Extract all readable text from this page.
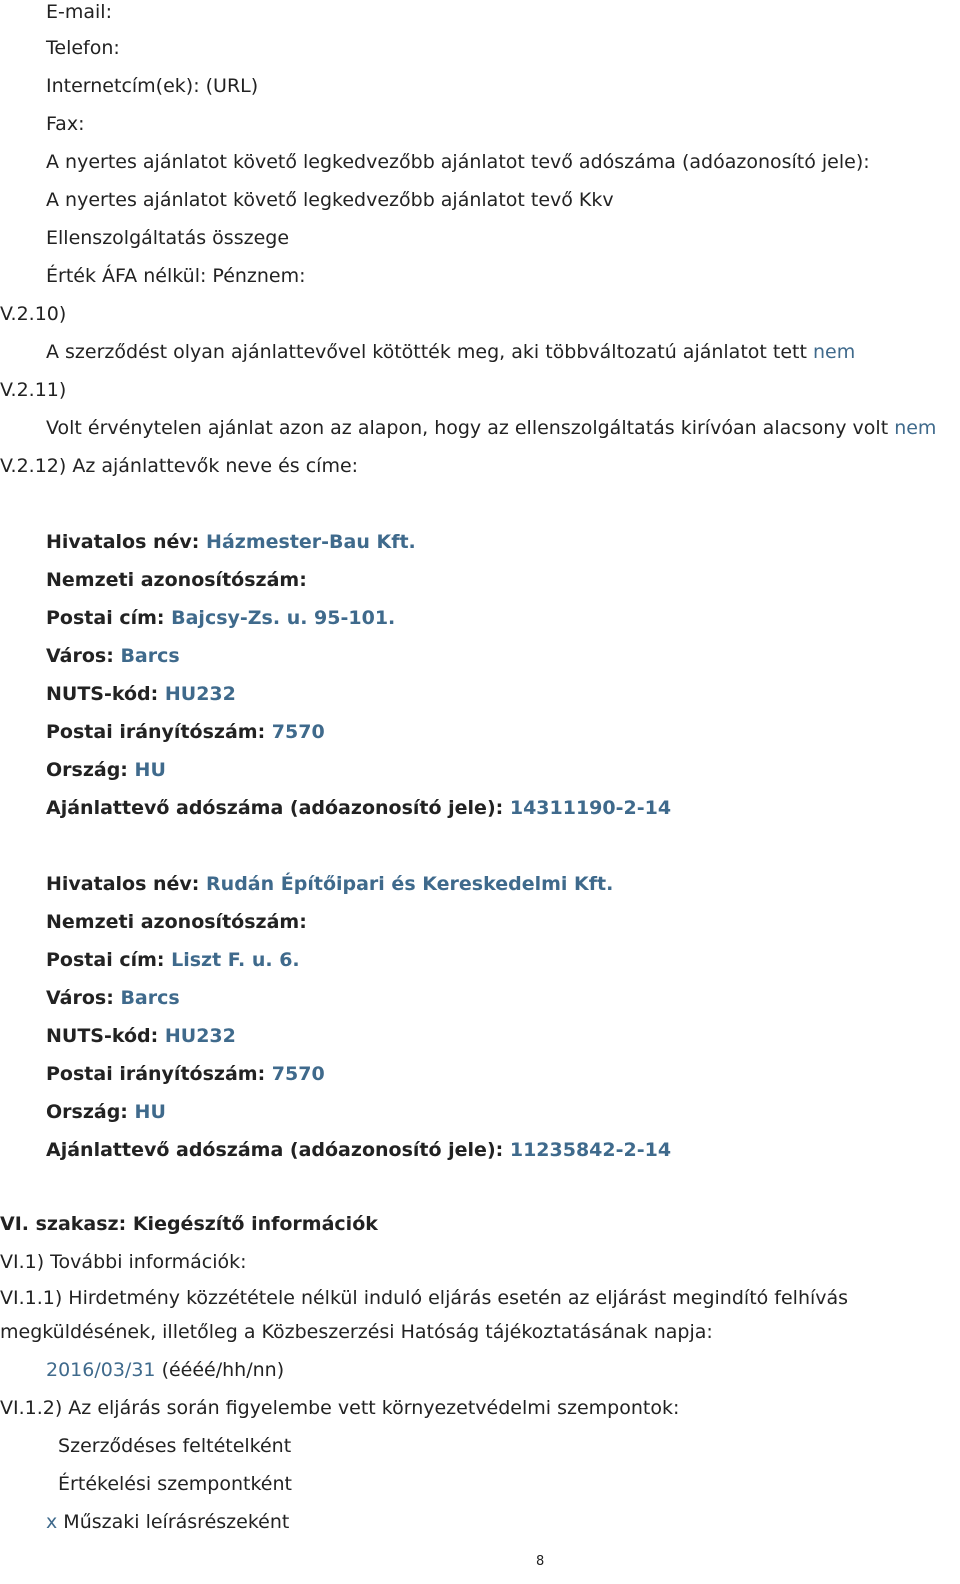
E-mail:
Telefon:
Internetcím(ek): (URL)
Fax:
A nyertes ajánlatot követő legkedvezőbb ajánlatot tevő adószáma (adóazonosító jele):
A nyertes ajánlatot követő legkedvezőbb ajánlatot tevő Kkv
Ellenszolgáltatás összege
Érték ÁFA nélkül: Pénznem:
V.2.10)
A szerződést olyan ajánlattevővel kötötték meg, aki többváltozatú ajánlatot tett nem
V.2.11)
Volt érvénytelen ajánlat azon az alapon, hogy az ellenszolgáltatás kirívóan alacsony volt nem
V.2.12) Az ajánlattevők neve és címe:
Hivatalos név: Házmester-Bau Kft.
Nemzeti azonosítószám:
Postai cím: Bajcsy-Zs. u. 95-101.
Város: Barcs
NUTS-kód: HU232
Postai irányítószám: 7570
Ország: HU
Ajánlattevő adószáma (adóazonosító jele): 14311190-2-14
Hivatalos név: Rudán Építőipari és Kereskedelmi Kft.
Nemzeti azonosítószám:
Postai cím: Liszt F. u. 6.
Város: Barcs
NUTS-kód: HU232
Postai irányítószám: 7570
Ország: HU
Ajánlattevő adószáma (adóazonosító jele): 11235842-2-14
VI. szakasz: Kiegészítő információk
VI.1) További információk:
VI.1.1) Hirdetmény közzététele nélkül induló eljárás esetén az eljárást megindító felhívás megküldésének, illetőleg a Közbeszerzési Hatóság tájékoztatásának napja:
2016/03/31 (éééé/hh/nn)
VI.1.2) Az eljárás során figyelembe vett környezetvédelmi szempontok:
Szerződéses feltételként
Értékelési szempontként
x Műszaki leírásrészeként
8
